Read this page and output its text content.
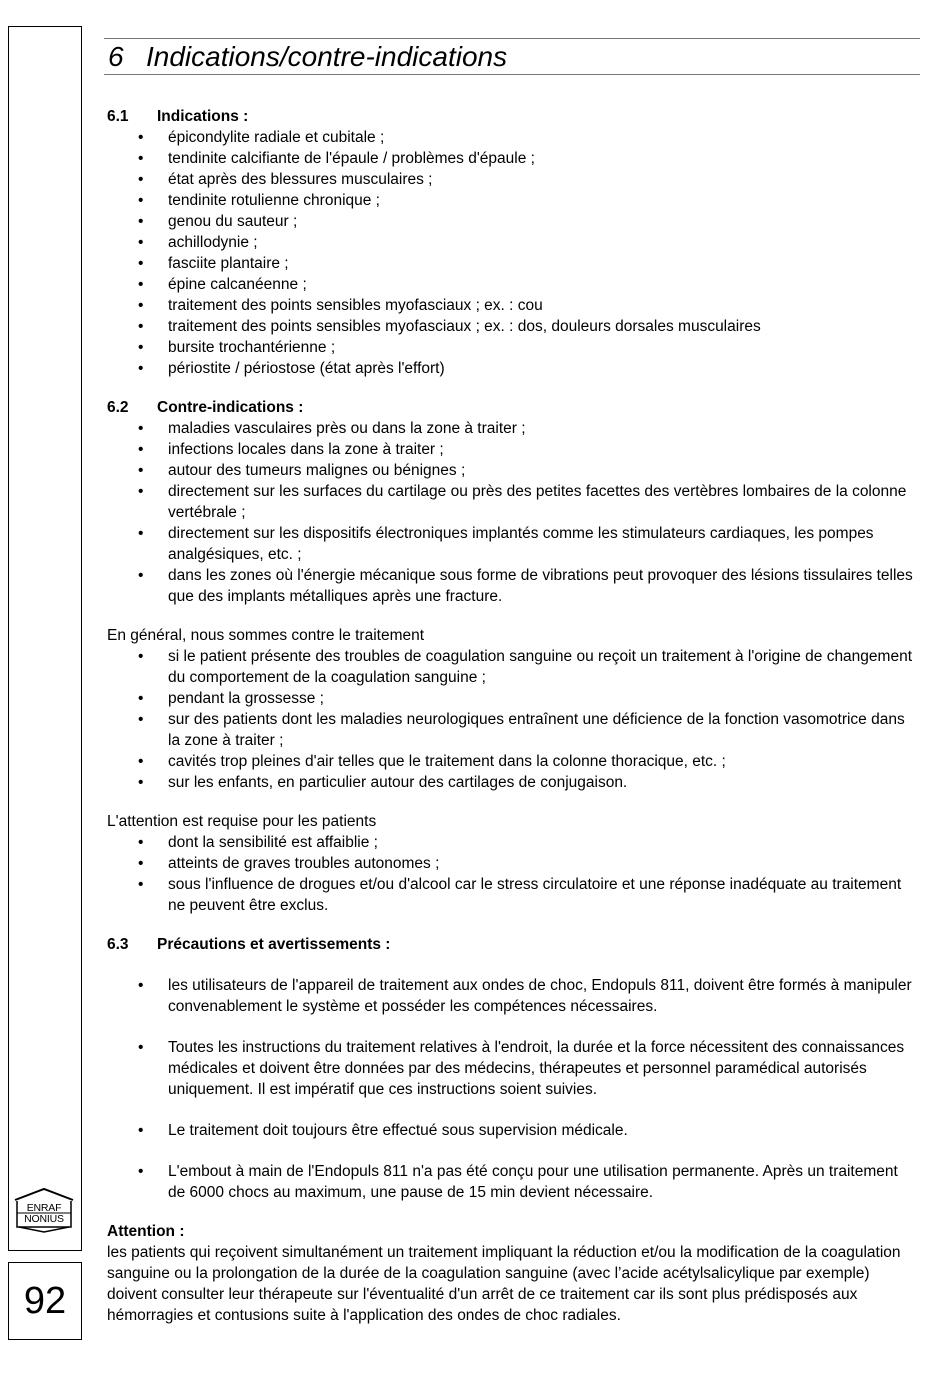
ENRAF
NONIUS
92
6 Indications/contre-indications

6.1 Indications :

• épicondylite radiale et cubitale ;
• tendinite calcifiante de l'épaule / problèmes d'épaule ;
• état après des blessures musculaires ;
• tendinite rotulienne chronique ;
• genou du sauteur ;
• achillodynie ;
• fasciite plantaire ;
• épine calcanéenne ;
• traitement des points sensibles myofasciaux ; ex. : cou
• traitement des points sensibles myofasciaux ; ex. : dos, douleurs dorsales musculaires
• bursite trochantérienne ;
• périostite / périostose (état après l'effort)

6.2 Contre-indications :

• maladies vasculaires près ou dans la zone à traiter ;
• infections locales dans la zone à traiter ;
• autour des tumeurs malignes ou bénignes ;
• directement sur les surfaces du cartilage ou près des petites facettes des vertèbres lombaires de la colonne vertébrale ;
• directement sur les dispositifs électroniques implantés comme les stimulateurs cardiaques, les pompes analgésiques, etc. ;
• dans les zones où l'énergie mécanique sous forme de vibrations peut provoquer des lésions tissulaires telles que des implants métalliques après une fracture.

En général, nous sommes contre le traitement

• si le patient présente des troubles de coagulation sanguine ou reçoit un traitement à l'origine de changement du comportement de la coagulation sanguine ;
• pendant la grossesse ;
• sur des patients dont les maladies neurologiques entraînent une déficience de la fonction vasomotrice dans la zone à traiter ;
• cavités trop pleines d'air telles que le traitement dans la colonne thoracique, etc. ;
• sur les enfants, en particulier autour des cartilages de conjugaison.

L'attention est requise pour les patients

• dont la sensibilité est affaiblie ;
• atteints de graves troubles autonomes ;
• sous l'influence de drogues et/ou d'alcool car le stress circulatoire et une réponse inadéquate au traitement ne peuvent être exclus.

6.3 Précautions et avertissements :

• les utilisateurs de l'appareil de traitement aux ondes de choc, Endopuls 811, doivent être formés à manipuler convenablement le système et posséder les compétences nécessaires.
• Toutes les instructions du traitement relatives à l'endroit, la durée et la force nécessitent des connaissances médicales et doivent être données par des médecins, thérapeutes et personnel paramédical autorisés uniquement. Il est impératif que ces instructions soient suivies.
• Le traitement doit toujours être effectué sous supervision médicale.
• L'embout à main de l'Endopuls 811 n'a pas été conçu pour une utilisation permanente. Après un traitement de 6000 chocs au maximum, une pause de 15 min devient nécessaire.

Attention :

les patients qui reçoivent simultanément un traitement impliquant la réduction et/ou la modification de la coagulation sanguine ou la prolongation de la durée de la coagulation sanguine (avec l’acide acétylsalicylique par exemple) doivent consulter leur thérapeute sur l'éventualité d'un arrêt de ce traitement car ils sont plus prédisposés aux hémorragies et contusions suite à l'application des ondes de choc radiales.
